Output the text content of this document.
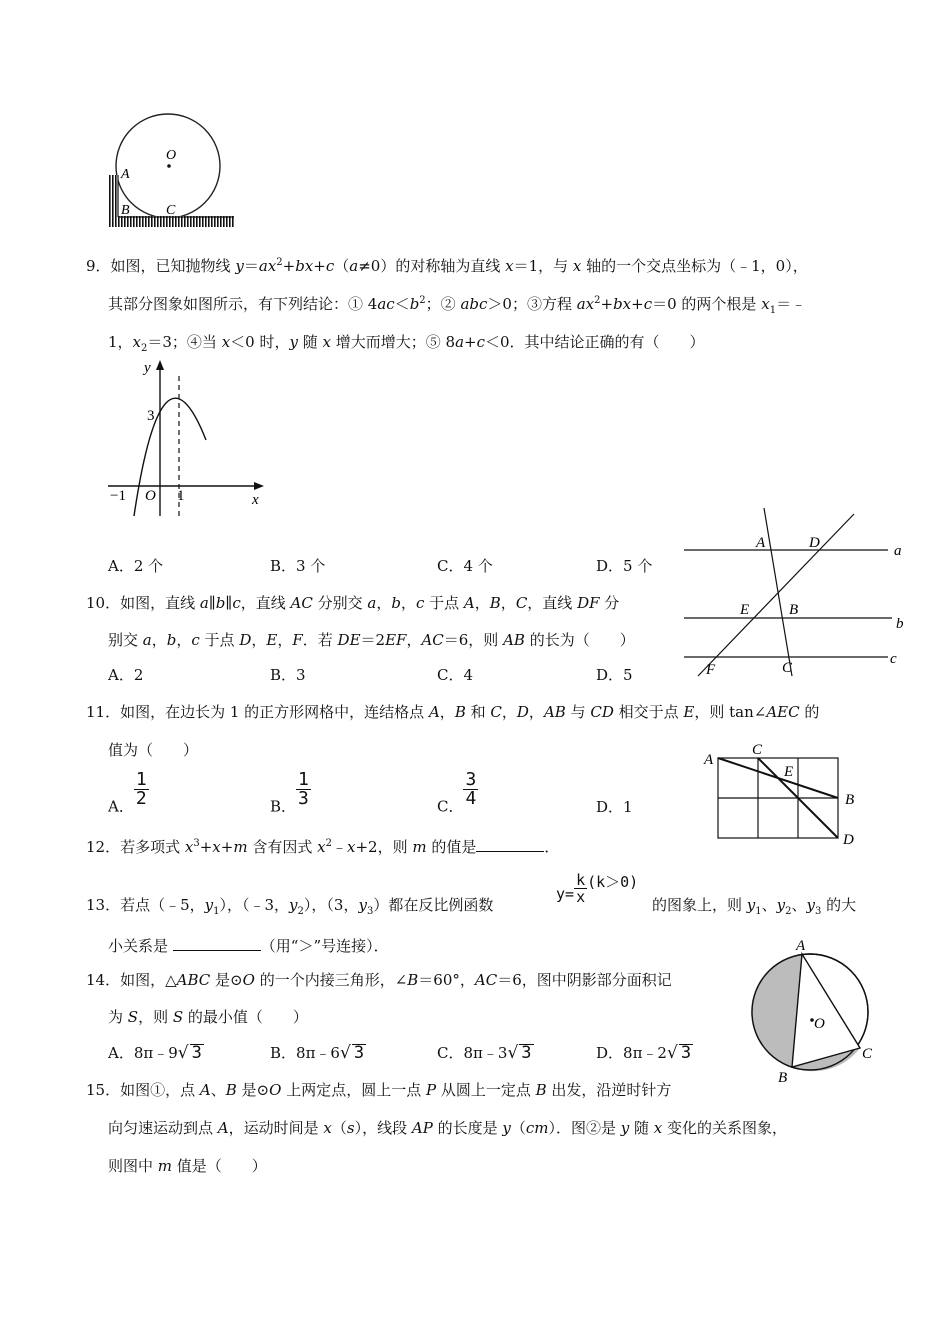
O
A
B	C
9．如图，已知抛物线 $y=ax^2+bx+c(a\ne 0)$的对称轴为直线 x＝1，与 x 轴的一个交点坐标为（﹣1，0），
其部分图象如图所示，有下列结论：① $4ac<b^2$；② abc＞0；③方程 $ax^2+bx+c=0$ 的两个根是 $x_1=﹣$
1，$x_2=3$；④当 x＜0 时，y 随 x 增大而增大；⑤ 8a+c＜0．其中结论正确的有（　　）
y
x
3
−1 O 1
A．2 个	B．3 个	C．4 个	D．5 个
A	D	a
E	B
b
F	C
c
10．如图，直线 a∥b∥c，直线 AC 分别交 a，b，c 于点 A，B，C，直线 DF 分
别交 a，b，c 于点 D，E，F．若 DE＝2EF，AC＝6，则 AB 的长为（　　）
A．2	B．3	C．4	D．5
11．如图，在边长为 1 的正方形网格中，连结格点 A，B 和 C，D，AB 与 CD 相交于点 E，则 tan∠AEC 的
值为（　　）
A． $\frac{1}{2}$	B． $\frac{1}{3}$	C． $\frac{3}{4}$	D．1
A
C
E
B
D
12．若多项式 $x^3+x+m$ 含有因式 $x^2﹣x+2$，则 m 的值是	．
13．若点（﹣5，$y_1$），（﹣3，$y_2$），（3，$y_3$）都在反比例函数
$y= \frac{k}{x} (k>0)$
的图象上，则 $y_1$、$y_2$、$y_3$ 的大
小关系是	（用“＞”号连接）．
14．如图，△ABC 是⊙O 的一个内接三角形，∠B＝60°，AC＝6，图中阴影部分面积记
为 S，则 S 的最小值（　　）
A．8π﹣9√ 3	B．8π﹣6√ 3	C．8π﹣3√ 3	D．8π﹣2√ 3
A
O
B
C
15．如图①，点 A、B 是⊙O 上两定点，圆上一点 P 从圆上一定点 B 出发，沿逆时针方
向匀速运动到点 A，运动时间是 x（s），线段 AP 的长度是 y（cm）．图②是 y 随 x 变化的关系图象，
则图中 m 值是（　　）
